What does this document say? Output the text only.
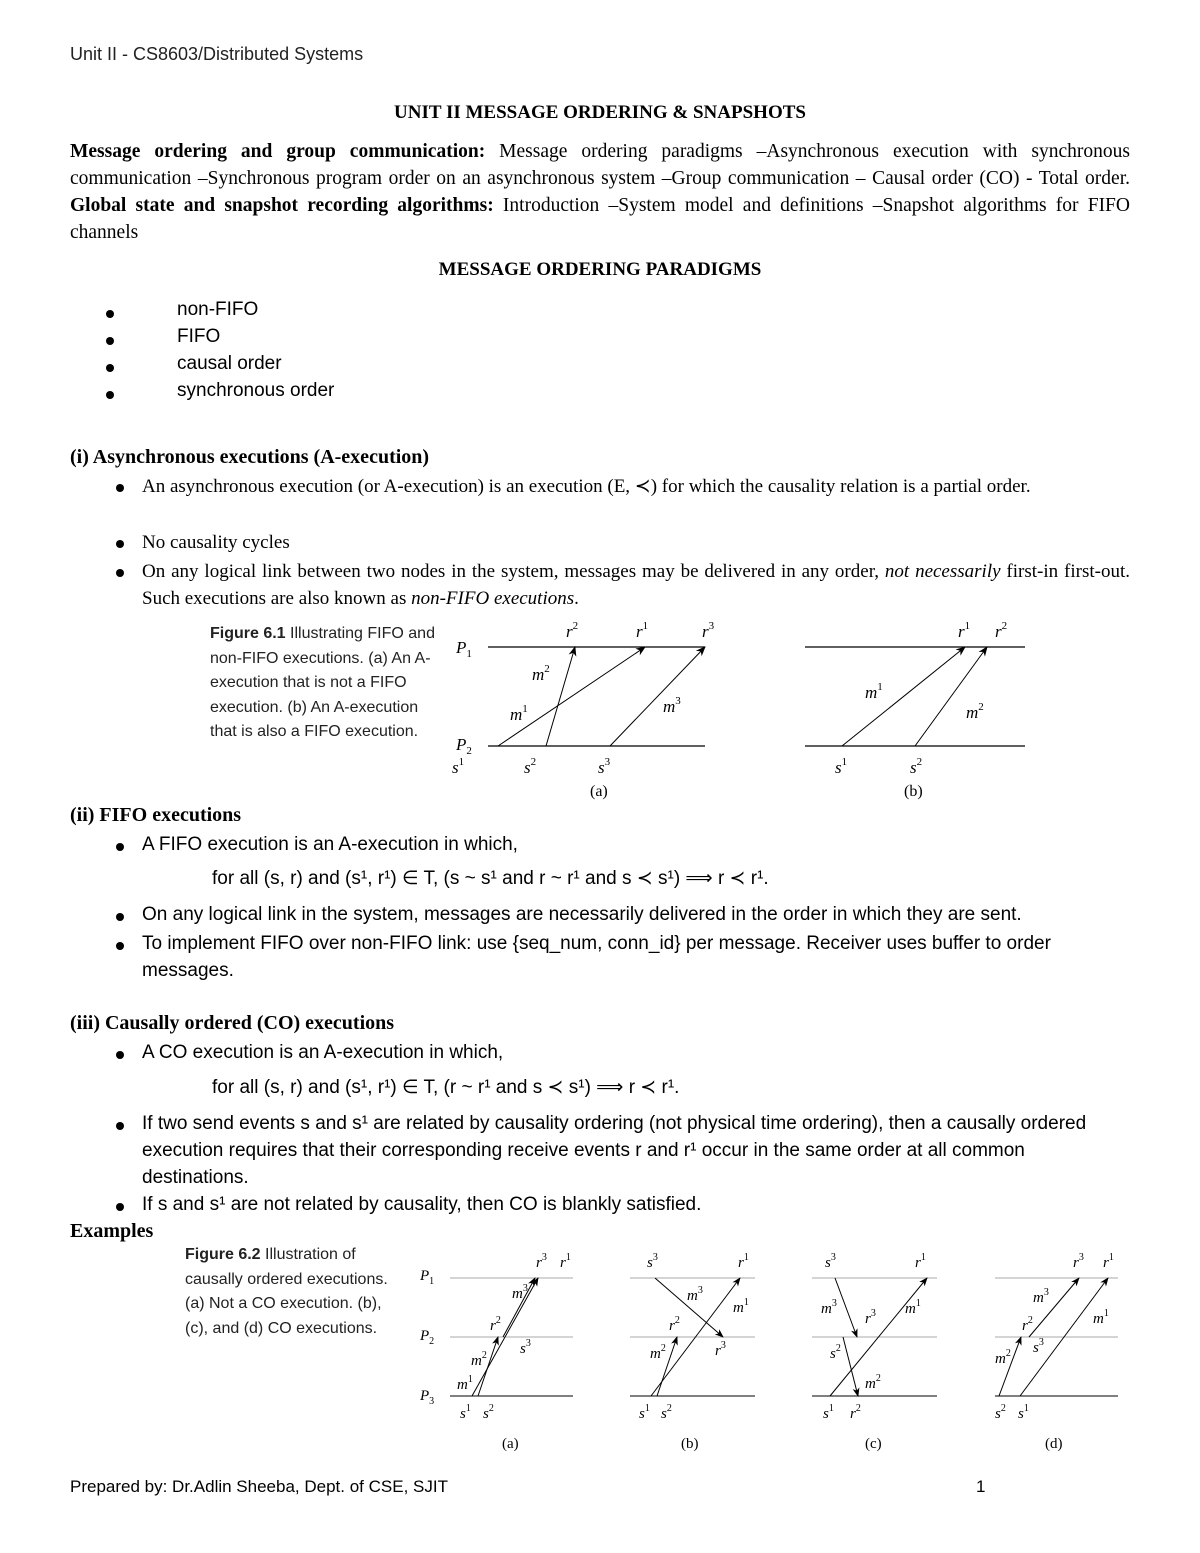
Unit II - CS8603/Distributed Systems
UNIT II MESSAGE ORDERING & SNAPSHOTS
Message ordering and group communication: Message ordering paradigms –Asynchronous execution with synchronous communication –Synchronous program order on an asynchronous system –Group communication – Causal order (CO) - Total order. Global state and snapshot recording algorithms: Introduction –System model and definitions –Snapshot algorithms for FIFO channels
MESSAGE ORDERING PARADIGMS
non-FIFO
FIFO
causal order
synchronous order
(i) Asynchronous executions (A-execution)
An asynchronous execution (or A-execution) is an execution (E, ≺) for which the causality relation is a partial order.
No causality cycles
On any logical link between two nodes in the system, messages may be delivered in any order, not necessarily first-in first-out. Such executions are also known as non-FIFO executions.
Figure 6.1 Illustrating FIFO and non-FIFO executions. (a) An A-execution that is not a FIFO execution. (b) An A-execution that is also a FIFO execution.
$P_1$
$P_2$
$r^2$	$r^1$	$r^3$
$m^2$
$m^1$	$m^3$
$s^1$	$s^2$	$s^3$
$r^1$ $r^2$
$m^1$
$m^2$
$s^1$	$s^2$
(a)	(b)
(ii) FIFO executions
A FIFO execution is an A-execution in which,
for all (s, r) and (s¹, r¹) ∈ T, (s ~ s¹ and r ~ r¹ and s ≺ s¹) ⟹ r ≺ r¹.
On any logical link in the system, messages are necessarily delivered in the order in which they are sent.
To implement FIFO over non-FIFO link: use {seq_num, conn_id} per message. Receiver uses buffer to order messages.
(iii) Causally ordered (CO) executions
A CO execution is an A-execution in which,
for all (s, r) and (s¹, r¹) ∈ T, (r ~ r¹ and s ≺ s¹) ⟹ r ≺ r¹.
If two send events s and s¹ are related by causality ordering (not physical time ordering), then a causally ordered execution requires that their corresponding receive events r and r¹ occur in the same order at all common destinations.
If s and s¹ are not related by causality, then CO is blankly satisfied.
Examples
Figure 6.2 Illustration of causally ordered executions. (a) Not a CO execution. (b), (c), and (d) CO executions.
$P_1$
$P_2$
$P_3$
$r^3$ $r^1$
$m^3$
$r^2$
$s^3$
$m^2$
$m^1$
$s^1$ $s^2$
$s^3$	$r^1$
$m^3$
$m^1$
$r^2$
$r^3$
$m^2$
$s^1$ $s^2$
$s^3$	$r^1$
$m^3$
$r^3$ $m^1$
$s^2$
$m^2$
$s^1$ $r^2$
$r^3$ $r^1$
$m^3$
$m^1$
$r^2$
$s^3$
$m^2$
$s^2$ $s^1$
(a)	(b)	(c)	(d)
Prepared by: Dr.Adlin Sheeba, Dept. of CSE, SJIT	1
